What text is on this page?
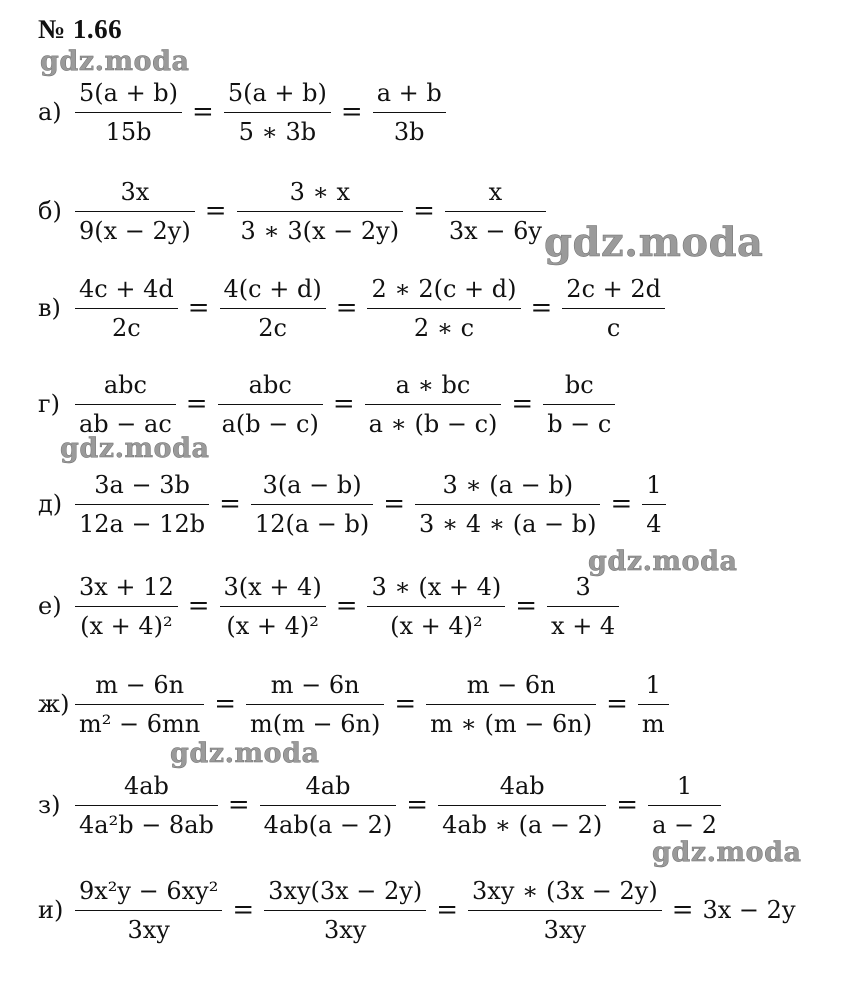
№ 1.66
gdz.moda
gdz.moda
gdz.moda
gdz.moda
gdz.moda
gdz.moda
$а) \frac{5(a + b)}{15b} = \frac{5(a + b)}{5 ∗ 3b} = \frac{a + b}{3b}$
$б) \frac{3x}{9(x - 2y)} = \frac{3 ∗ x}{3 ∗ 3(x - 2y)} = \frac{x}{3x - 6y}$
$в) \frac{4c + 4d}{2c} = \frac{4(c + d)}{2c} = \frac{2 ∗ 2(c + d)}{2 ∗ c} = \frac{2c + 2d}{c}$
$г) \frac{\text{abc}}{ab - ac} = \frac{\text{abc}}{a(b - c)} = \frac{a ∗ bc}{a ∗ (b - c)} = \frac{bc}{b - c}$
$д) \frac{3a - 3b}{12a - 12b} = \frac{3(a - b)}{12(a - b)} = \frac{3 ∗ (a - b)}{3 ∗ 4 ∗ (a - b)} = \frac{1}{4}$
$е) \frac{3x + 12}{\text{(x + 4)²}} = \frac{3(x + 4)}{\text{(x + 4)²}} = \frac{3 ∗ (x + 4)}{\text{(x + 4)²}} = \frac{3}{x + 4}$
$ж) \frac{m - 6n}{\text{m² − 6mn}} = \frac{m - 6n}{m(m - 6n)} = \frac{m - 6n}{m ∗ (m - 6n)} = \frac{1}{m}$
$з) \frac{4ab}{\text{4a²b − 8ab}} = \frac{4ab}{4ab(a - 2)} = \frac{4ab}{4ab ∗ (a - 2)} = \frac{1}{a - 2}$
$и) \frac{\text{9x²y − 6xy²}}{3xy} = \frac{3xy(3x - 2y)}{3xy} = \frac{3xy ∗ (3x - 2y)}{3xy} = 3x - 2y$
